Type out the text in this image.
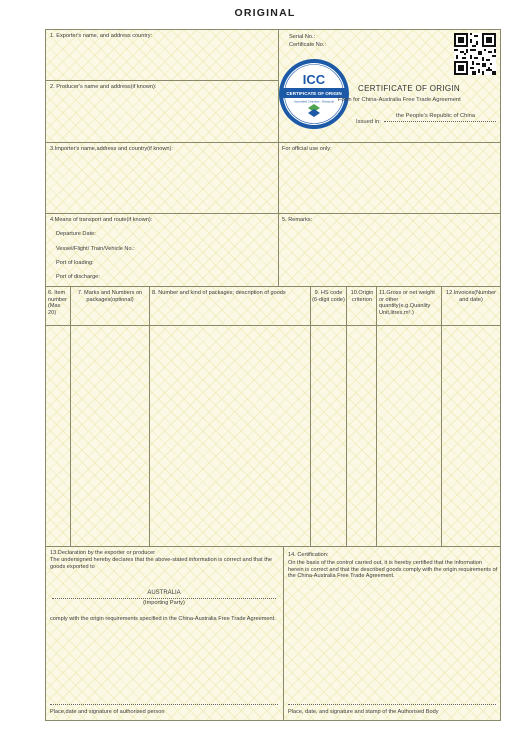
ORIGINAL
1. Exporter's name, and address country:	Serial No.:
Certificate No.:
ICC
CERTIFICATE OF ORIGIN
Accredited Chamber - Divisional
CERTIFICATE OF ORIGIN
Form for China-Australia Free Trade Agreement
Issued in:
the People's Republic of China
2. Producer's name and address(if known):
3.Importer's name,address and country(if known):	For official use only:
4.Means of transport and route(if known):
Departure Date:
Vessel/Flight/ Train/Vehicle No.:
Port of loading:
Port of discharge:
5. Remarks:
6. Item number (Max 20)
7. Marks and Numbers on packages(optional)
8. Number and kind of packages; description of goods	9. HS code (6-digit code)
10.Origin criterion
11.Gross or net weight or other quantity(e.g.Quanlity Unit,litres,m³.)
12.Invoices(Number and date)
13.Declaration by the exporter or producer
The undersigned hereby declares that the above-stated information is correct and that the goods exported to
AUSTRALIA
(Importing Party)
comply with the origin requirements specified in the China-Australia Free Trade Agreement.
Place,date and signature of authorised person
14. Certification:
On the basis of the control carried out, it is hereby certified that the information herein is correct and that the described goods comply with the origin requirements of the China-Australia Free Trade Agreement.
Place, date, and signature and stamp of the Authorised Body
